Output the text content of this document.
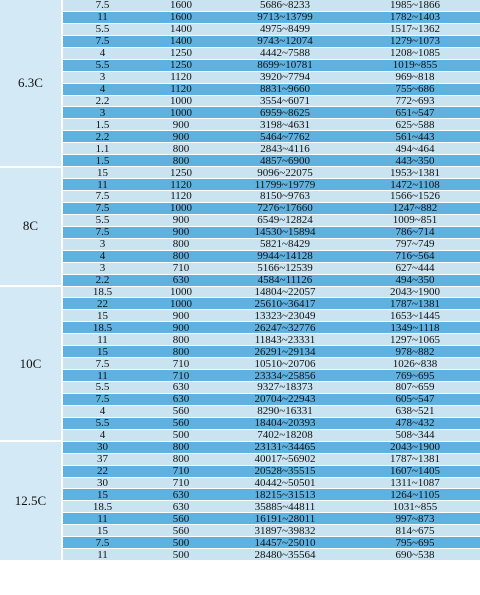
6.3C	7.5	1600	5686~8233	1985~1866
	11	1600	9713~13799	1782~1403
	5.5	1400	4975~8499	1517~1362
	7.5	1400	9743~12074	1279~1073
	4	1250	4442~7588	1208~1085
	5.5	1250	8699~10781	1019~855
	3	1120	3920~7794	969~818
	4	1120	8831~9660	755~686
	2.2	1000	3554~6071	772~693
	3	1000	6959~8625	651~547
	1.5	900	3198~4631	625~588
	2.2	900	5464~7762	561~443
	1.1	800	2843~4116	494~464
	1.5	800	4857~6900	443~350
8C	15	1250	9096~22075	1953~1381
	11	1120	11799~19779	1472~1108
	7.5	1120	8150~9763	1566~1526
	7.5	1000	7276~17660	1247~882
	5.5	900	6549~12824	1009~851
	7.5	900	14530~15894	786~714
	3	800	5821~8429	797~749
	4	800	9944~14128	716~564
	3	710	5166~12539	627~444
	2.2	630	4584~11126	494~350
10C	18.5	1000	14804~22057	2043~1900
	22	1000	25610~36417	1787~1381
	15	900	13323~23049	1653~1445
	18.5	900	26247~32776	1349~1118
	11	800	11843~23331	1297~1065
	15	800	26291~29134	978~882
	7.5	710	10510~20706	1026~838
	11	710	23334~25856	769~695
	5.5	630	9327~18373	807~659
	7.5	630	20704~22943	605~547
	4	560	8290~16331	638~521
	5.5	560	18404~20393	478~432
	4	500	7402~18208	508~344
12.5C	30	800	23131~34465	2043~1900
	37	800	40017~56902	1787~1381
	22	710	20528~35515	1607~1405
	30	710	40442~50501	1311~1087
	15	630	18215~31513	1264~1105
	18.5	630	35885~44811	1031~855
	11	560	16191~28011	997~873
	15	560	31897~39832	814~675
	7.5	500	14457~25010	795~695
	11	500	28480~35564	690~538
